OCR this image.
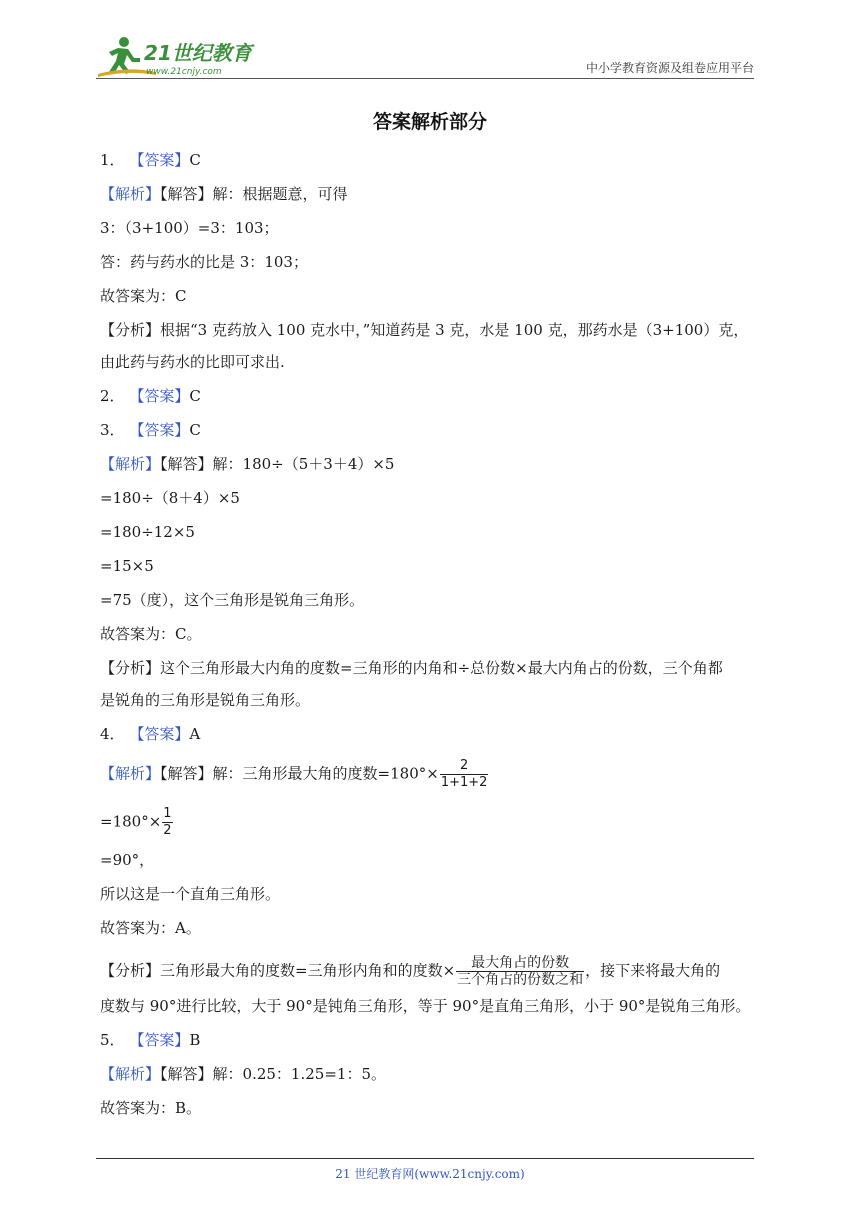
21世纪教育
www.21cnjy.com	中小学教育资源及组卷应用平台
答案解析部分
1． 【答案】C
【解析】【解答】解：根据题意，可得
3：（3+100）=3：103；
答：药与药水的比是 3：103；
故答案为：C
【分析】根据“3 克药放入 100 克水中，”知道药是 3 克，水是 100 克，那药水是（3+100）克，
由此药与药水的比即可求出.
2． 【答案】C
3． 【答案】C
【解析】【解答】解：180÷（5＋3＋4）×5
=180÷（8＋4）×5
=180÷12×5
=15×5
=75（度），这个三角形是锐角三角形。
故答案为：C。
【分析】这个三角形最大内角的度数=三角形的内角和÷总份数×最大内角占的份数，三个角都
是锐角的三角形是锐角三角形。
4． 【答案】A
【解析】【解答】解：三角形最大角的度数$=180^\circ\times \frac{2}{1+1+2}$
$=180^\circ\times \frac{1}{2}$
=90°，
所以这是一个直角三角形。
故答案为：A。
【分析】三角形最大角的度数=三角形内角和的度数× $\frac{\text{最大角占的份数}}{\text{三个角占的份数之和}}$ ，接下来将最大角的
度数与 90°进行比较，大于 90°是钝角三角形，等于 90°是直角三角形，小于 90°是锐角三角形。
5． 【答案】B
【解析】【解答】解：0.25：1.25=1：5。
故答案为：B。
21 世纪教育网(www.21cnjy.com)
